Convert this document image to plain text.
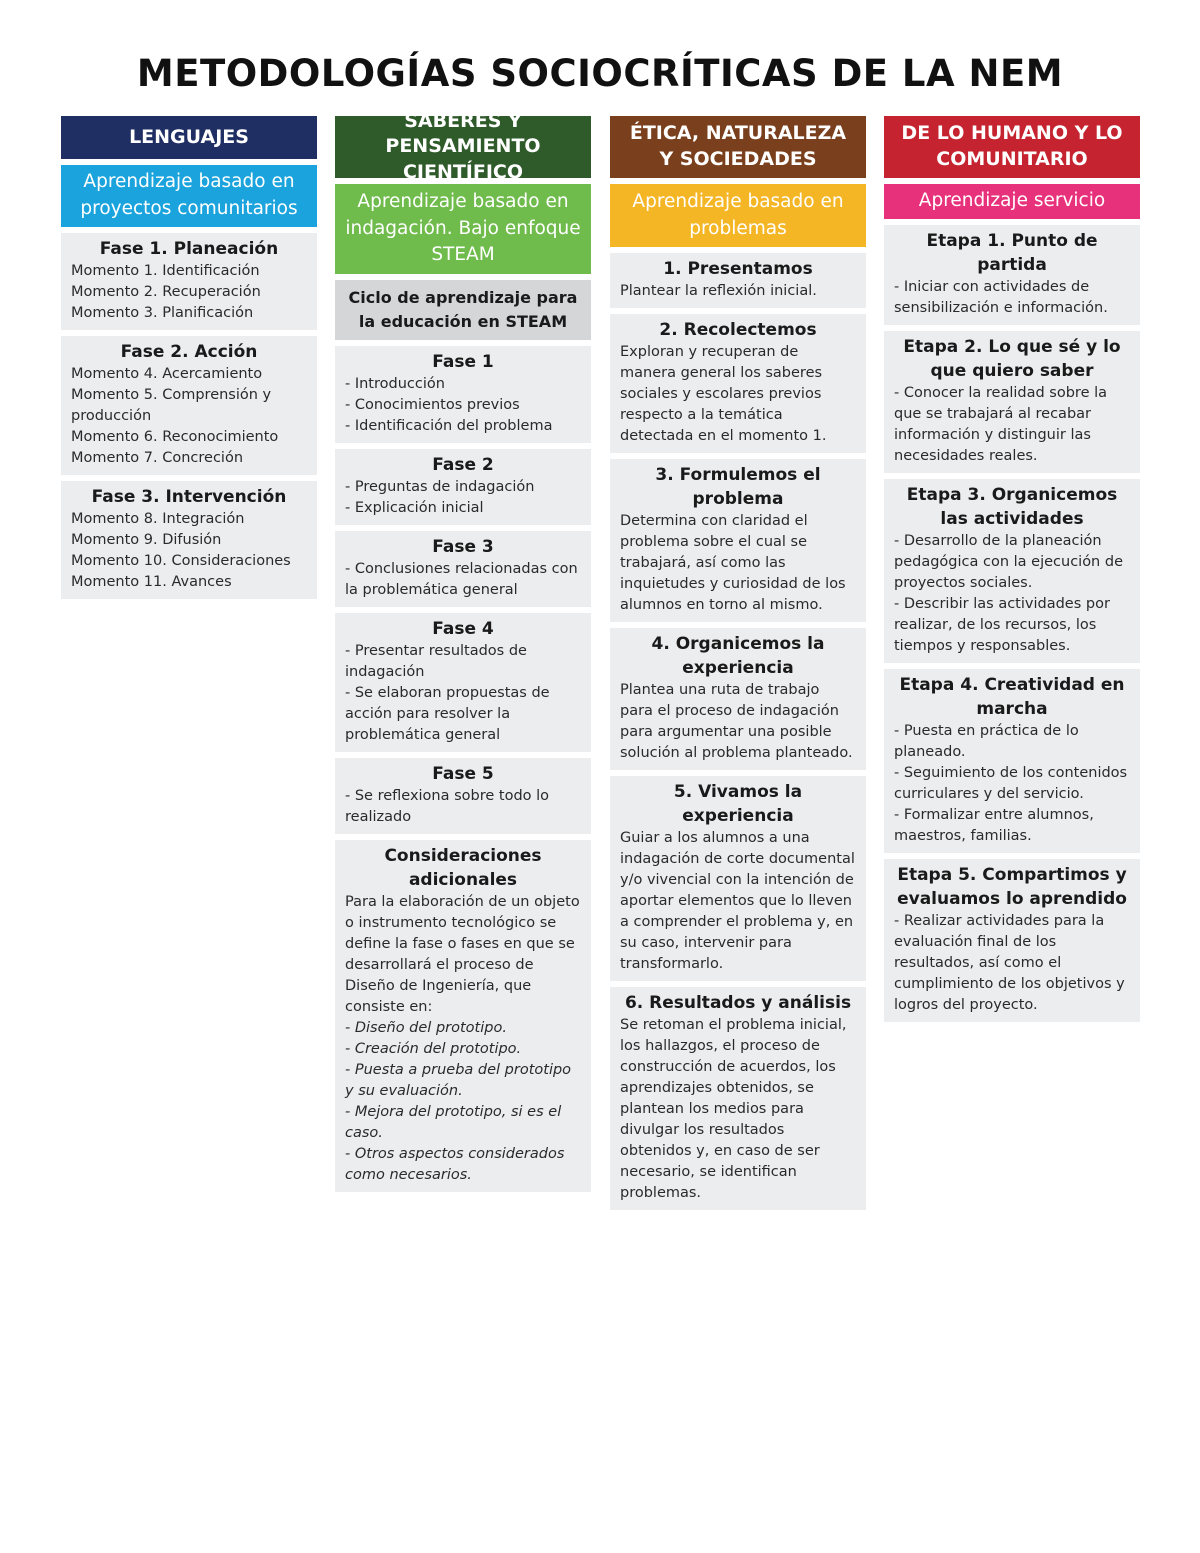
METODOLOGÍAS SOCIOCRÍTICAS DE LA NEM
LENGUAJES
Aprendizaje basado en proyectos comunitarios
Fase 1. Planeación
Momento 1. Identificación
Momento 2. Recuperación
Momento 3. Planificación
Fase 2. Acción
Momento 4. Acercamiento
Momento 5. Comprensión y producción
Momento 6. Reconocimiento
Momento 7. Concreción
Fase 3. Intervención
Momento 8. Integración
Momento 9. Difusión
Momento 10. Consideraciones
Momento 11. Avances
SABERES Y PENSAMIENTO CIENTÍFICO
Aprendizaje basado en indagación. Bajo enfoque STEAM
Ciclo de aprendizaje para la educación en STEAM
Fase 1
- Introducción
- Conocimientos previos
- Identificación del problema
Fase 2
- Preguntas de indagación
- Explicación inicial
Fase 3
- Conclusiones relacionadas con la problemática general
Fase 4
- Presentar resultados de indagación
- Se elaboran propuestas de acción para resolver la problemática general
Fase 5
- Se reflexiona sobre todo lo realizado
Consideraciones adicionales
Para la elaboración de un objeto o instrumento tecnológico se define la fase o fases en que se desarrollará el proceso de Diseño de Ingeniería, que consiste en:
- Diseño del prototipo.
- Creación del prototipo.
- Puesta a prueba del prototipo y su evaluación.
- Mejora del prototipo, si es el caso.
- Otros aspectos considerados como necesarios.
ÉTICA, NATURALEZA Y SOCIEDADES
Aprendizaje basado en problemas
1. Presentamos
Plantear la reflexión inicial.
2. Recolectemos
Exploran y recuperan de manera general los saberes sociales y escolares previos respecto a la temática detectada en el momento 1.
3. Formulemos el problema
Determina con claridad el problema sobre el cual se trabajará, así como las inquietudes y curiosidad de los alumnos en torno al mismo.
4. Organicemos la experiencia
Plantea una ruta de trabajo para el proceso de indagación para argumentar una posible solución al problema planteado.
5. Vivamos la experiencia
Guiar a los alumnos a una indagación de corte documental y/o vivencial con la intención de aportar elementos que lo lleven a comprender el problema y, en su caso, intervenir para transformarlo.
6. Resultados y análisis
Se retoman el problema inicial, los hallazgos, el proceso de construcción de acuerdos, los aprendizajes obtenidos, se plantean los medios para divulgar los resultados obtenidos y, en caso de ser necesario, se identifican problemas.
DE LO HUMANO Y LO COMUNITARIO
Aprendizaje servicio
Etapa 1. Punto de partida
- Iniciar con actividades de sensibilización e información.
Etapa 2. Lo que sé y lo que quiero saber
- Conocer la realidad sobre la que se trabajará al recabar información y distinguir las necesidades reales.
Etapa 3. Organicemos las actividades
- Desarrollo de la planeación pedagógica con la ejecución de proyectos sociales.
- Describir las actividades por realizar, de los recursos, los tiempos y responsables.
Etapa 4. Creatividad en marcha
- Puesta en práctica de lo planeado.
- Seguimiento de los contenidos curriculares y del servicio.
- Formalizar entre alumnos, maestros, familias.
Etapa 5. Compartimos y evaluamos lo aprendido
- Realizar actividades para la evaluación final de los resultados, así como el cumplimiento de los objetivos y logros del proyecto.
